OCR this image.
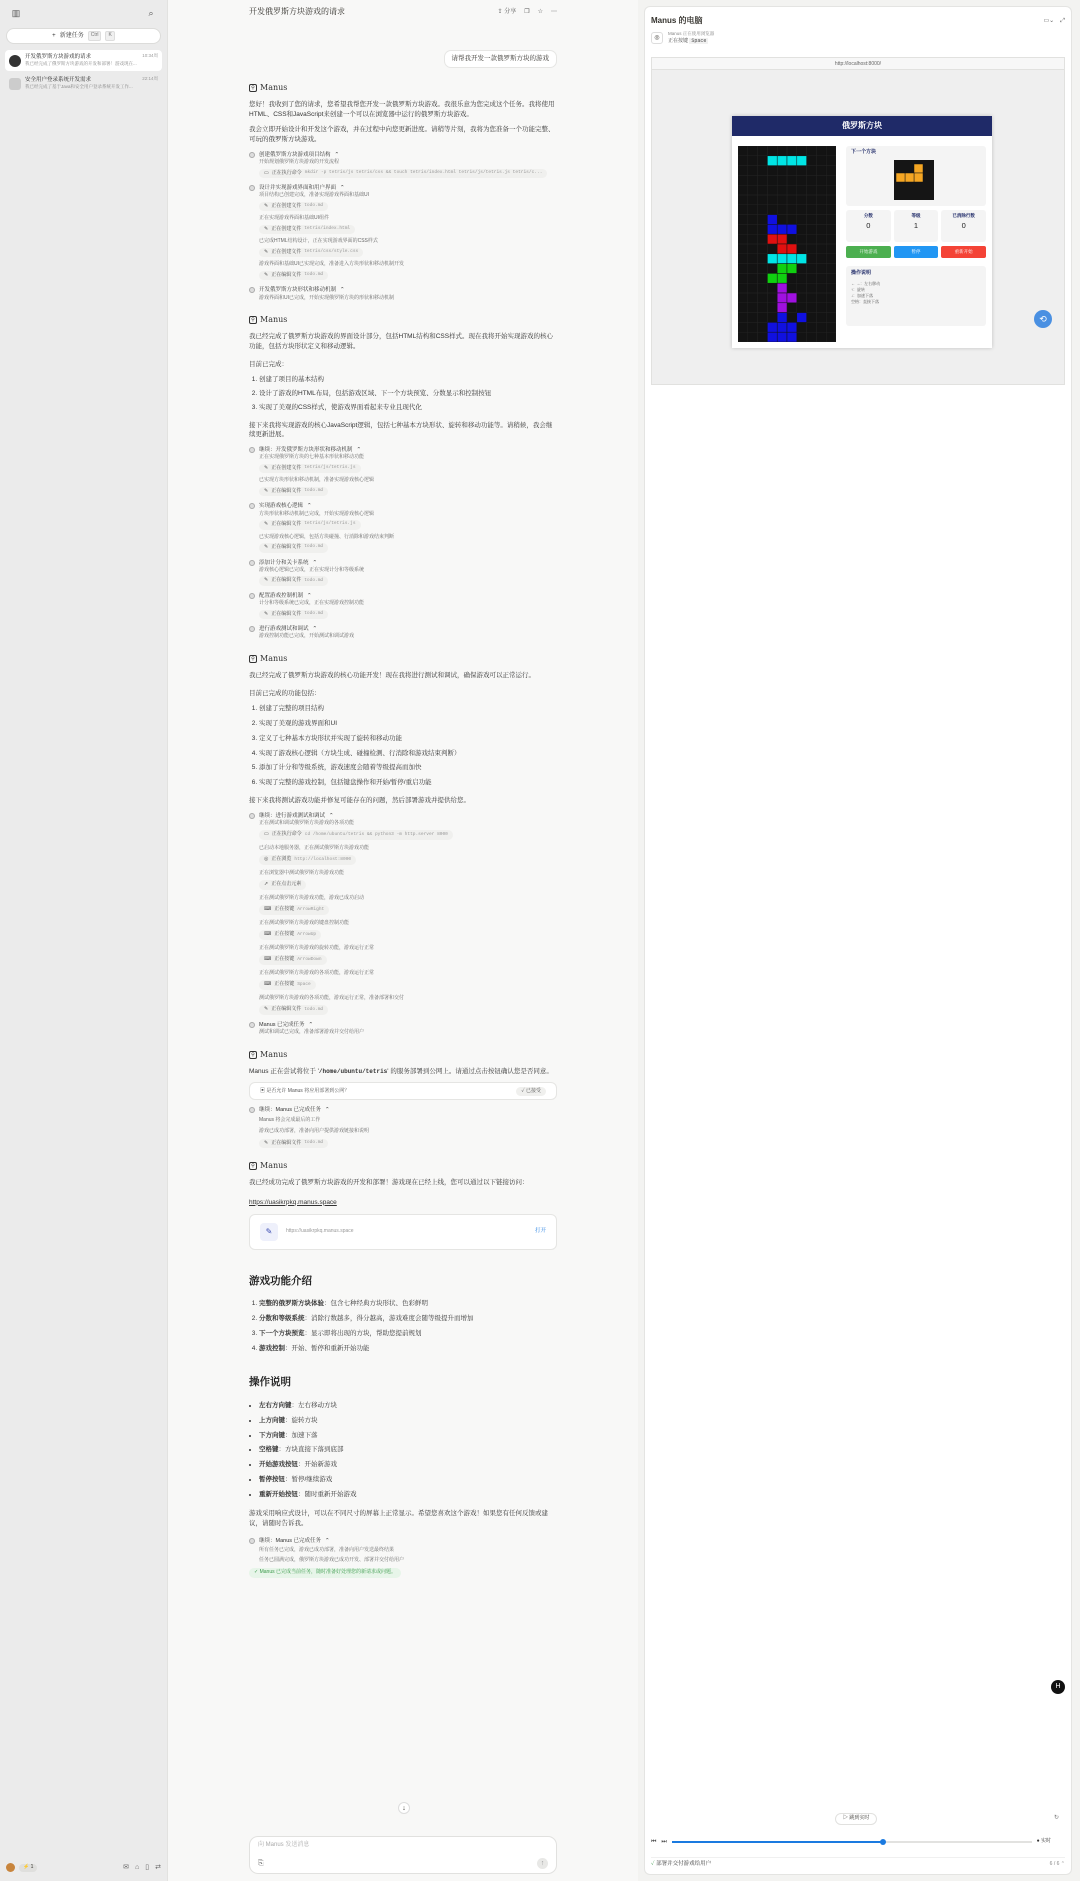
▥	⌕
+ 新建任务	Ctrl	K
开发俄罗斯方块游戏的请求	10:34周
我已经完成了俄罗斯方块游戏的开发和部署！游戏现在...
安全用户登录系统开发需求	22:14周
我已经完成了基于Java和安全用户登录系统开发工作...
⚡ 1	✉ ⌂ ▯ ⇄
开发俄罗斯方块游戏的请求	⇪ 分享 ❐ ☆ ⋯
请帮我开发一款俄罗斯方块的游戏
⚲ Manus

您好！我收到了您的请求，您希望我帮您开发一款俄罗斯方块游戏。我很乐意为您完成这个任务。我将使用HTML、CSS和JavaScript来创建一个可以在浏览器中运行的俄罗斯方块游戏。

我会立即开始设计和开发这个游戏，并在过程中向您更新进度。请稍等片刻，我将为您准备一个功能完整、可玩的俄罗斯方块游戏。

创建俄罗斯方块游戏项目结构 ⌃
开始规划俄罗斯方块游戏的开发流程
▭ 正在执行命令 mkdir -p tetris/js tetris/css && touch tetris/index.html tetris/js/tetris.js tetris/c...
设计并实现游戏界面和用户界面 ⌃
项目结构已创建完成，准备实现游戏界面和基础UI
✎ 正在创建文件 todo.md
正在实现游戏界面和基础UI组件
✎ 正在创建文件 tetris/index.html
已完成HTML结构设计，正在实现游戏界面的CSS样式
✎ 正在创建文件 tetris/css/style.css
游戏界面和基础UI已实现完成，准备进入方块形状和移动机制开发
✎ 正在编辑文件 todo.md
开发俄罗斯方块形状和移动机制 ⌃
游戏界面和UI已完成，开始实现俄罗斯方块的形状和移动机制
⚲ Manus

我已经完成了俄罗斯方块游戏的界面设计部分，包括HTML结构和CSS样式。现在我将开始实现游戏的核心功能，包括方块形状定义和移动逻辑。

目前已完成：

1. 创建了项目的基本结构
2. 设计了游戏的HTML布局，包括游戏区域、下一个方块预览、分数显示和控制按钮
3. 实现了美观的CSS样式，使游戏界面看起来专业且现代化

接下来我将实现游戏的核心JavaScript逻辑，包括七种基本方块形状、旋转和移动功能等。请稍候，我会继续更新进展。

继续：开发俄罗斯方块形状和移动机制 ⌃
正在实现俄罗斯方块的七种基本形状和移动功能
✎ 正在创建文件 tetris/js/tetris.js
已实现方块形状和移动机制，准备实现游戏核心逻辑
✎ 正在编辑文件 todo.md
实现游戏核心逻辑 ⌃
方块形状和移动机制已完成，开始实现游戏核心逻辑
✎ 正在编辑文件 tetris/js/tetris.js
已实现游戏核心逻辑，包括方块碰撞、行消除和游戏结束判断
✎ 正在编辑文件 todo.md
添加计分和关卡系统 ⌃
游戏核心逻辑已完成，正在实现计分和等级系统
✎ 正在编辑文件 todo.md
配置游戏控制机制 ⌃
计分和等级系统已完成，正在实现游戏控制功能
✎ 正在编辑文件 todo.md
进行游戏测试和调试 ⌃
游戏控制功能已完成，开始测试和调试游戏
⚲ Manus

我已经完成了俄罗斯方块游戏的核心功能开发！现在我将进行测试和调试，确保游戏可以正常运行。

目前已完成的功能包括：

1. 创建了完整的项目结构
2. 实现了美观的游戏界面和UI
3. 定义了七种基本方块形状并实现了旋转和移动功能
4. 实现了游戏核心逻辑（方块生成、碰撞检测、行消除和游戏结束判断）
5. 添加了计分和等级系统，游戏速度会随着等级提高而加快
6. 实现了完整的游戏控制，包括键盘操作和开始/暂停/重启功能

接下来我将测试游戏功能并修复可能存在的问题，然后部署游戏并提供给您。

继续：进行游戏测试和调试 ⌃
正在测试和调试俄罗斯方块游戏的各项功能
▭ 正在执行命令 cd /home/ubuntu/tetris && python3 -m http.server 8000
已启动本地服务器，正在测试俄罗斯方块游戏功能
◎ 正在浏览 http://localhost:8000
正在浏览器中测试俄罗斯方块游戏功能
➚ 正在点击元素
正在测试俄罗斯方块游戏功能，游戏已成功启动
⌨ 正在按键 ArrowRight
正在测试俄罗斯方块游戏的键盘控制功能
⌨ 正在按键 ArrowUp
正在测试俄罗斯方块游戏的旋转功能，游戏运行正常
⌨ 正在按键 ArrowDown
正在测试俄罗斯方块游戏的各项功能，游戏运行正常
⌨ 正在按键 Space
测试俄罗斯方块游戏的各项功能，游戏运行正常，准备部署和交付
✎ 正在编辑文件 todo.md
Manus 已完成任务 ⌃
测试和调试已完成，准备部署游戏并交付给用户
⚲ Manus

Manus 正在尝试将位于 '/home/ubuntu/tetris' 的服务部署到公网上。请通过点击按钮确认您是否同意。

▣ 是否允许 Manus 将应用部署到公网？	✓ 已接受
继续：Manus 已完成任务 ⌃
Manus 将会完成最后的工作
游戏已成功部署，准备向用户提供游戏链接和说明
✎ 正在编辑文件 todo.md
⚲ Manus

我已经成功完成了俄罗斯方块游戏的开发和部署！游戏现在已经上线，您可以通过以下链接访问：

https://uasikrpkq.manus.space

✎	https://uasikrpkq.manus.space	打开
游戏功能介绍
1. 完整的俄罗斯方块体验：包含七种经典方块形状、色彩鲜明
2. 分数和等级系统：消除行数越多，得分越高，游戏难度会随等级提升而增加
3. 下一个方块预览：显示即将出现的方块，帮助您提前规划
4. 游戏控制：开始、暂停和重新开始功能
操作说明
• 左右方向键：左右移动方块
• 上方向键：旋转方块
• 下方向键：加速下落
• 空格键：方块直接下落到底部
• 开始游戏按钮：开始新游戏
• 暂停按钮：暂停/继续游戏
• 重新开始按钮：随时重新开始游戏

游戏采用响应式设计，可以在不同尺寸的屏幕上正常显示。希望您喜欢这个游戏！如果您有任何反馈或建议，请随时告诉我。

继续：Manus 已完成任务 ⌃
所有任务已完成，游戏已成功部署，准备向用户发送最终结果
任务已圆满完成，俄罗斯方块游戏已成功开发、部署并交付给用户
✓ Manus 已完成当前任务，随时准备好处理您的新请求或问题。
↓
向 Manus 发送消息
⎘	↑
Manus 的电脑	▭⌄ ⤢
◎
Manus 正在使用浏览器
正在按键 Space
http://localhost:8000/
俄罗斯方块
下一个方块
分数
0
等级
1
已消除行数
0
开始游戏	暂停	重新开始
操作说明
← →：左右移动
↑：旋转
↓：加速下落
空格：直接下落
⟲
H
▷ 跳到实时	↻
⏮ ⏭	● 实时
✓ 部署并交付游戏给用户	6 / 6 ⌃
